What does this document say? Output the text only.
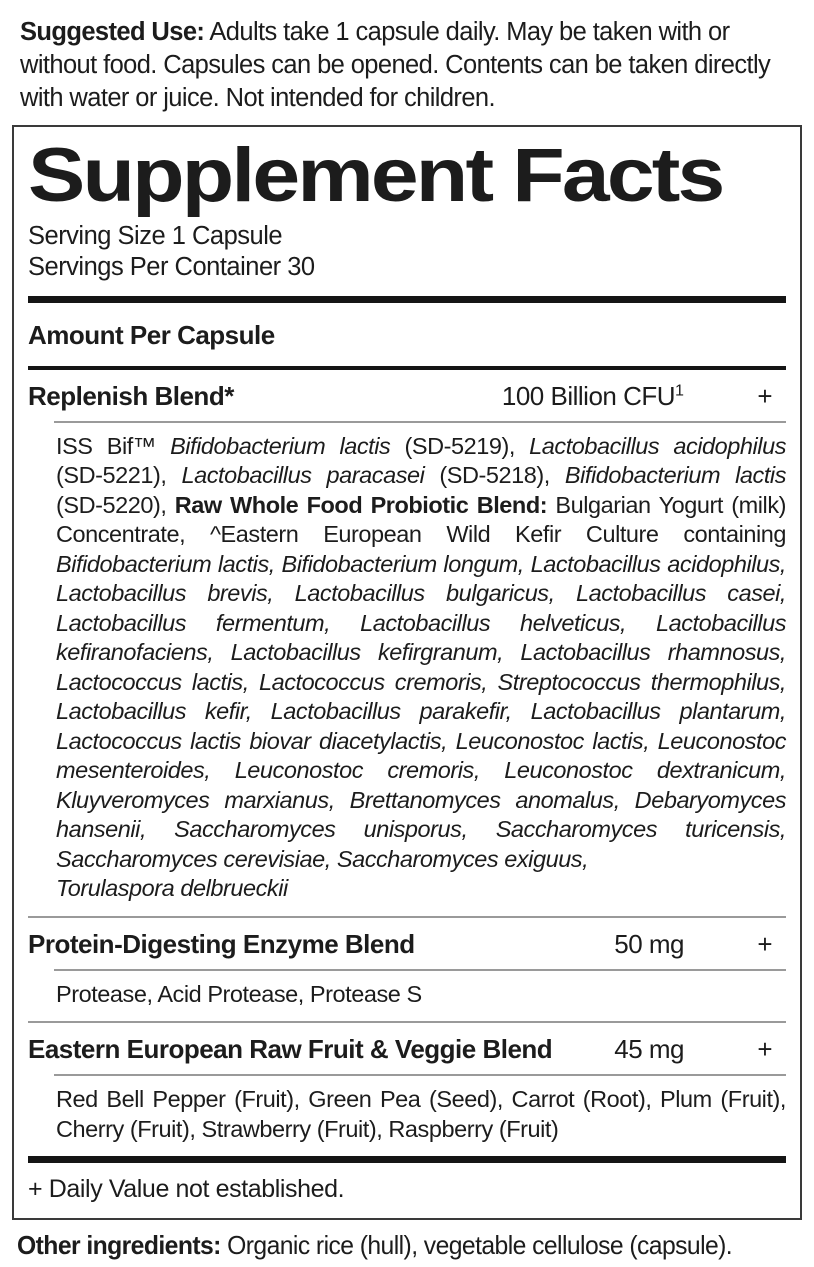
Suggested Use: Adults take 1 capsule daily. May be taken with or without food. Capsules can be opened. Contents can be taken directly with water or juice. Not intended for children.
Supplement Facts
Serving Size 1 Capsule
Servings Per Container 30
Amount Per Capsule
Replenish Blend*	100 Billion $CFU^1$	+
ISS Bif™ Bifidobacterium lactis (SD-5219), Lactobacillus acidophilus (SD-5221), Lactobacillus paracasei (SD-5218), Bifidobacterium lactis (SD-5220), Raw Whole Food Probiotic Blend: Bulgarian Yogurt (milk) Concentrate, ^Eastern European Wild Kefir Culture containing Bifidobacterium lactis, Bifidobacterium longum, Lactobacillus acidophilus, Lactobacillus brevis, Lactobacillus bulgaricus, Lactobacillus casei, Lactobacillus fermentum, Lactobacillus helveticus, Lactobacillus kefiranofaciens, Lactobacillus kefirgranum, Lactobacillus rhamnosus, Lactococcus lactis, Lactococcus cremoris, Streptococcus thermophilus, Lactobacillus kefir, Lactobacillus parakefir, Lactobacillus plantarum, Lactococcus lactis biovar diacetylactis, Leuconostoc lactis, Leuconostoc mesenteroides, Leuconostoc cremoris, Leuconostoc dextranicum, Kluyveromyces marxianus, Brettanomyces anomalus, Debaryomyces hansenii, Saccharomyces unisporus, Saccharomyces turicensis, Saccharomyces cerevisiae, Saccharomyces exiguus,
Torulaspora delbrueckii
Protein-Digesting Enzyme Blend	50 mg	+
Protease, Acid Protease, Protease S
Eastern European Raw Fruit & Veggie Blend	45 mg	+
Red Bell Pepper (Fruit), Green Pea (Seed), Carrot (Root), Plum (Fruit), Cherry (Fruit), Strawberry (Fruit), Raspberry (Fruit)
+ Daily Value not established.
Other ingredients: Organic rice (hull), vegetable cellulose (capsule).
